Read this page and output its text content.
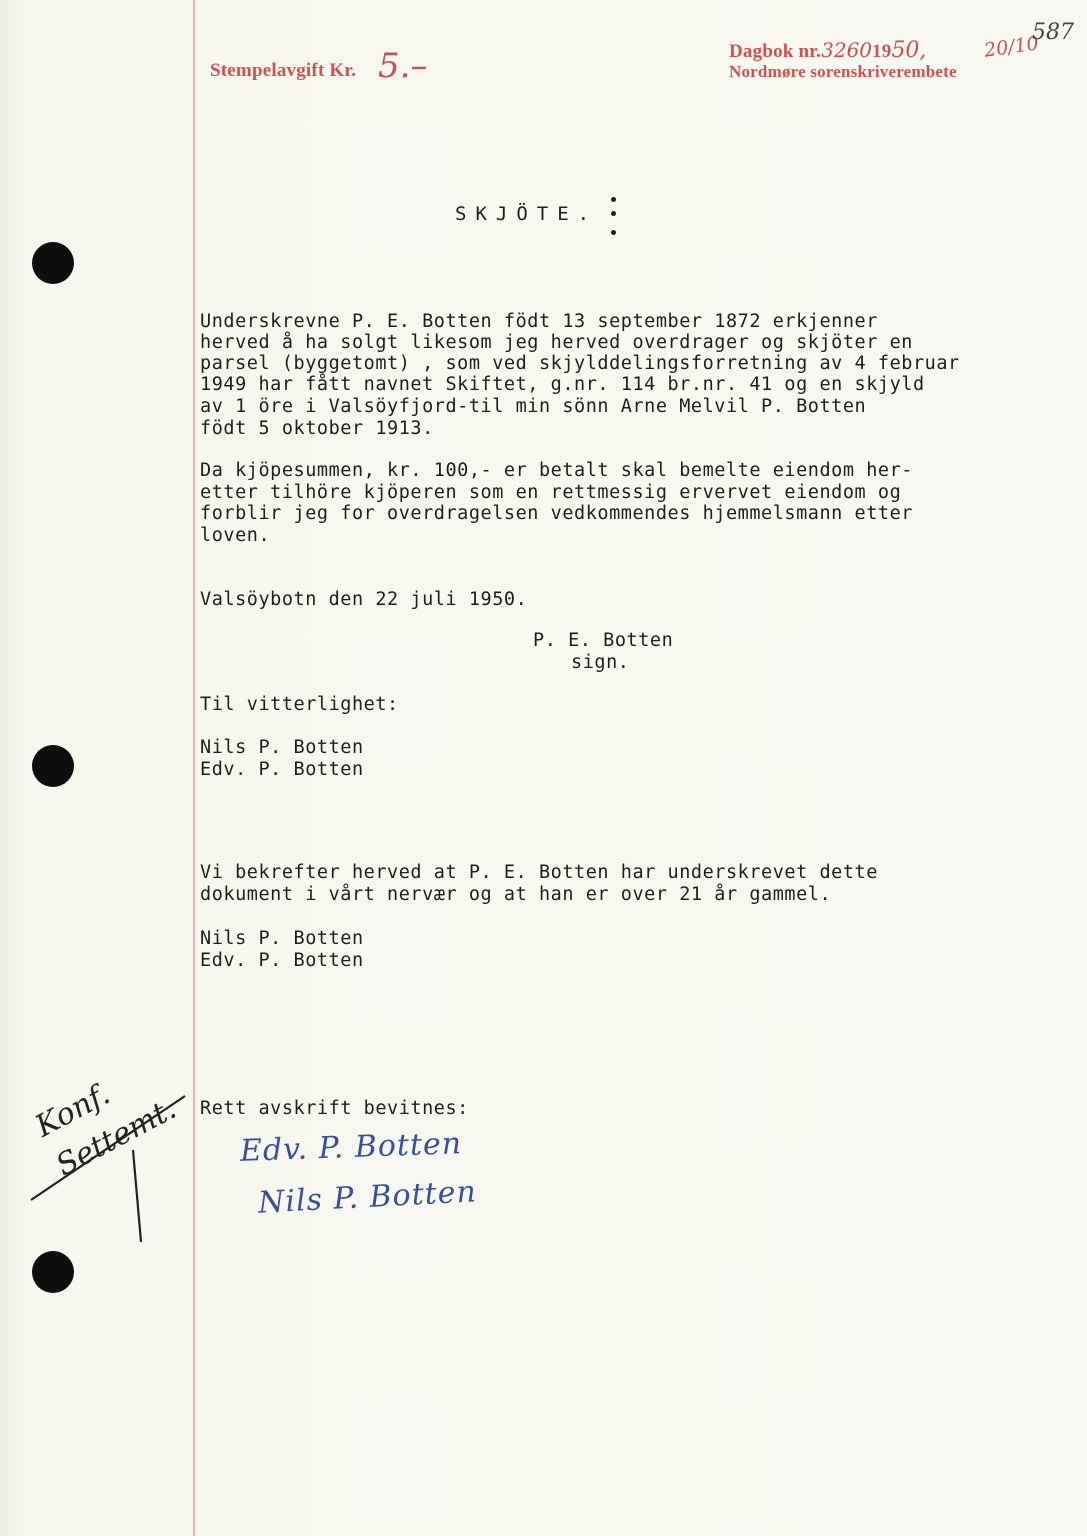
Stempelavgift Kr. 5.–	Dagbok nr.32601950,	20/10
Nordmøre sorenskriverembete
587
SKJÖTE.
Underskrevne P. E. Botten födt 13 september 1872 erkjenner
herved å ha solgt likesom jeg herved overdrager og skjöter en
parsel (byggetomt) , som ved skjylddelingsforretning av 4 februar
1949 har fått navnet Skiftet, g.nr. 114 br.nr. 41 og en skjyld
av 1 öre i Valsöyfjord-til min sönn Arne Melvil P. Botten
födt 5 oktober 1913.
Da kjöpesummen, kr. 100,- er betalt skal bemelte eiendom her-
etter tilhöre kjöperen som en rettmessig ervervet eiendom og
forblir jeg for overdragelsen vedkommendes hjemmelsmann etter
loven.
Valsöybotn den 22 juli 1950.
P. E. Botten
sign.
Til vitterlighet:
Nils P. Botten
Edv. P. Botten
Vi bekrefter herved at P. E. Botten har underskrevet dette
dokument i vårt nervær og at han er over 21 år gammel.
Nils P. Botten
Edv. P. Botten
Rett avskrift bevitnes:
Edv. P. Botten
Nils P. Botten
Konf. Settemt.
